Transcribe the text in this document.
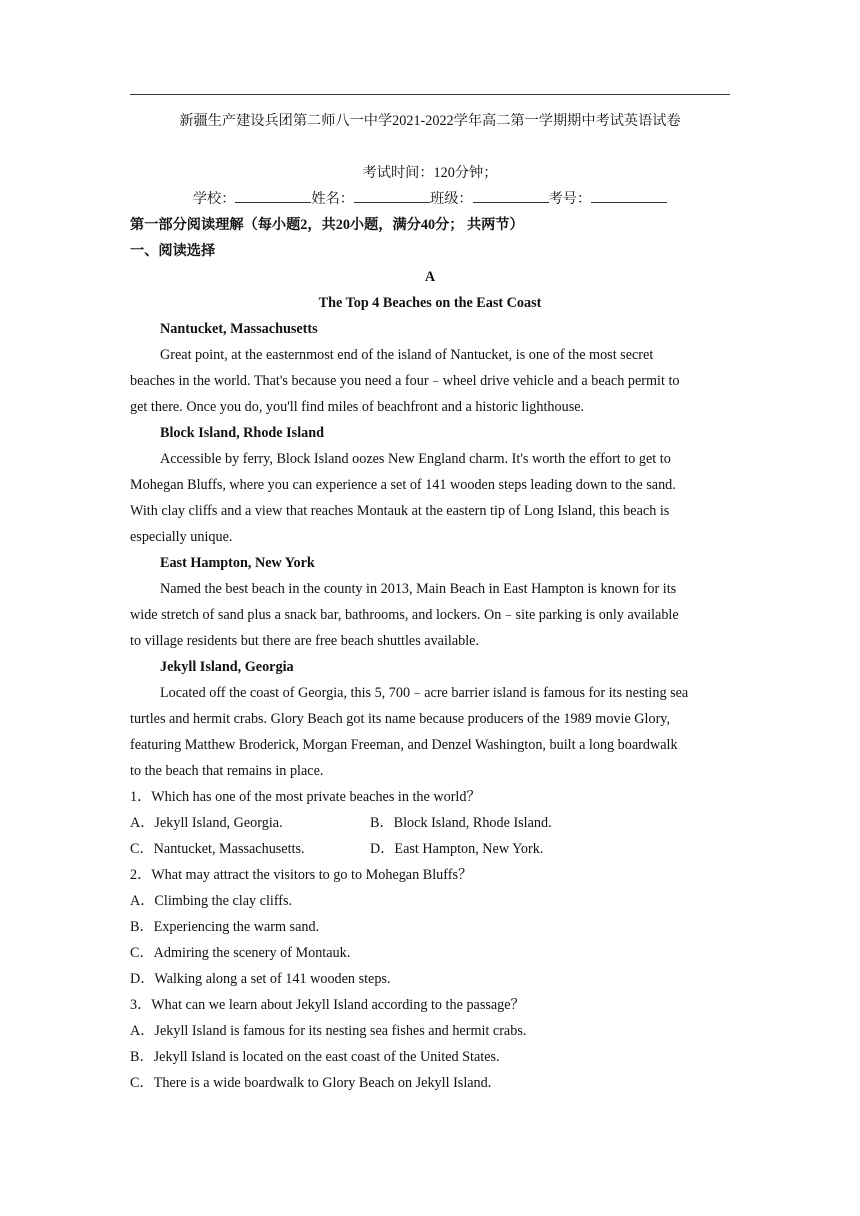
新疆生产建设兵团第二师八一中学2021-2022学年高二第一学期期中考试英语试卷
考试时间：120分钟；
学校：	姓名：	班级：	考号：
第一部分阅读理解（每小题2，共20小题，满分40分； 共两节）
一、阅读选择
A
The Top 4 Beaches on the East Coast
Nantucket, Massachusetts
Great point, at the easternmost end of the island of Nantucket, is one of the most secret
beaches in the world. That's because you need a four﹣wheel drive vehicle and a beach permit to
get there. Once you do, you'll find miles of beachfront and a historic lighthouse.
Block Island, Rhode Island
Accessible by ferry, Block Island oozes New England charm. It's worth the effort to get to
Mohegan Bluffs, where you can experience a set of 141 wooden steps leading down to the sand.
With clay cliffs and a view that reaches Montauk at the eastern tip of Long Island, this beach is
especially unique.
East Hampton, New York
Named the best beach in the county in 2013, Main Beach in East Hampton is known for its
wide stretch of sand plus a snack bar, bathrooms, and lockers. On﹣site parking is only available
to village residents but there are free beach shuttles available.
Jekyll Island, Georgia
Located off the coast of Georgia, this 5, 700﹣acre barrier island is famous for its nesting sea
turtles and hermit crabs. Glory Beach got its name because producers of the 1989 movie Glory,
featuring Matthew Broderick, Morgan Freeman, and Denzel Washington, built a long boardwalk
to the beach that remains in place.
1．Which has one of the most private beaches in the world？
A．Jekyll Island, Georgia.	B．Block Island, Rhode Island.
C．Nantucket, Massachusetts.	D．East Hampton, New York.
2．What may attract the visitors to go to Mohegan Bluffs？
A．Climbing the clay cliffs.
B．Experiencing the warm sand.
C．Admiring the scenery of Montauk.
D．Walking along a set of 141 wooden steps.
3．What can we learn about Jekyll Island according to the passage？
A．Jekyll Island is famous for its nesting sea fishes and hermit crabs.
B．Jekyll Island is located on the east coast of the United States.
C．There is a wide boardwalk to Glory Beach on Jekyll Island.
